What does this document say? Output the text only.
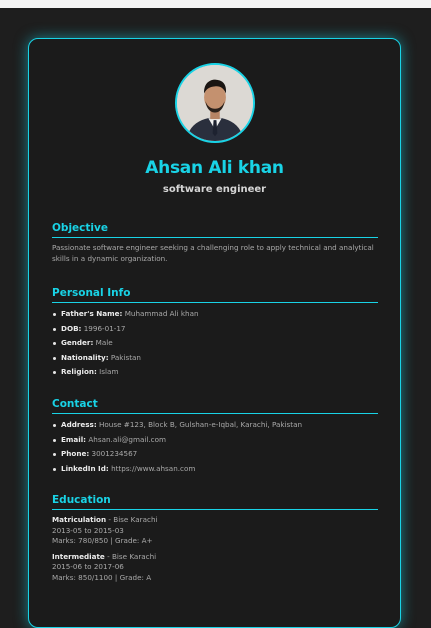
Ahsan Ali khan
software engineer
Objective
Passionate software engineer seeking a challenging role to apply technical and analytical skills in a dynamic organization.
Personal Info
Father's Name: Muhammad Ali khan
DOB: 1996-01-17
Gender: Male
Nationality: Pakistan
Religion: Islam
Contact
Address: House #123, Block B, Gulshan-e-Iqbal, Karachi, Pakistan
Email: Ahsan.ali@gmail.com
Phone: 3001234567
LinkedIn Id: https://www.ahsan.com
Education
Matriculation - Bise Karachi
2013-05 to 2015-03
Marks: 780/850 | Grade: A+
Intermediate - Bise Karachi
2015-06 to 2017-06
Marks: 850/1100 | Grade: A
